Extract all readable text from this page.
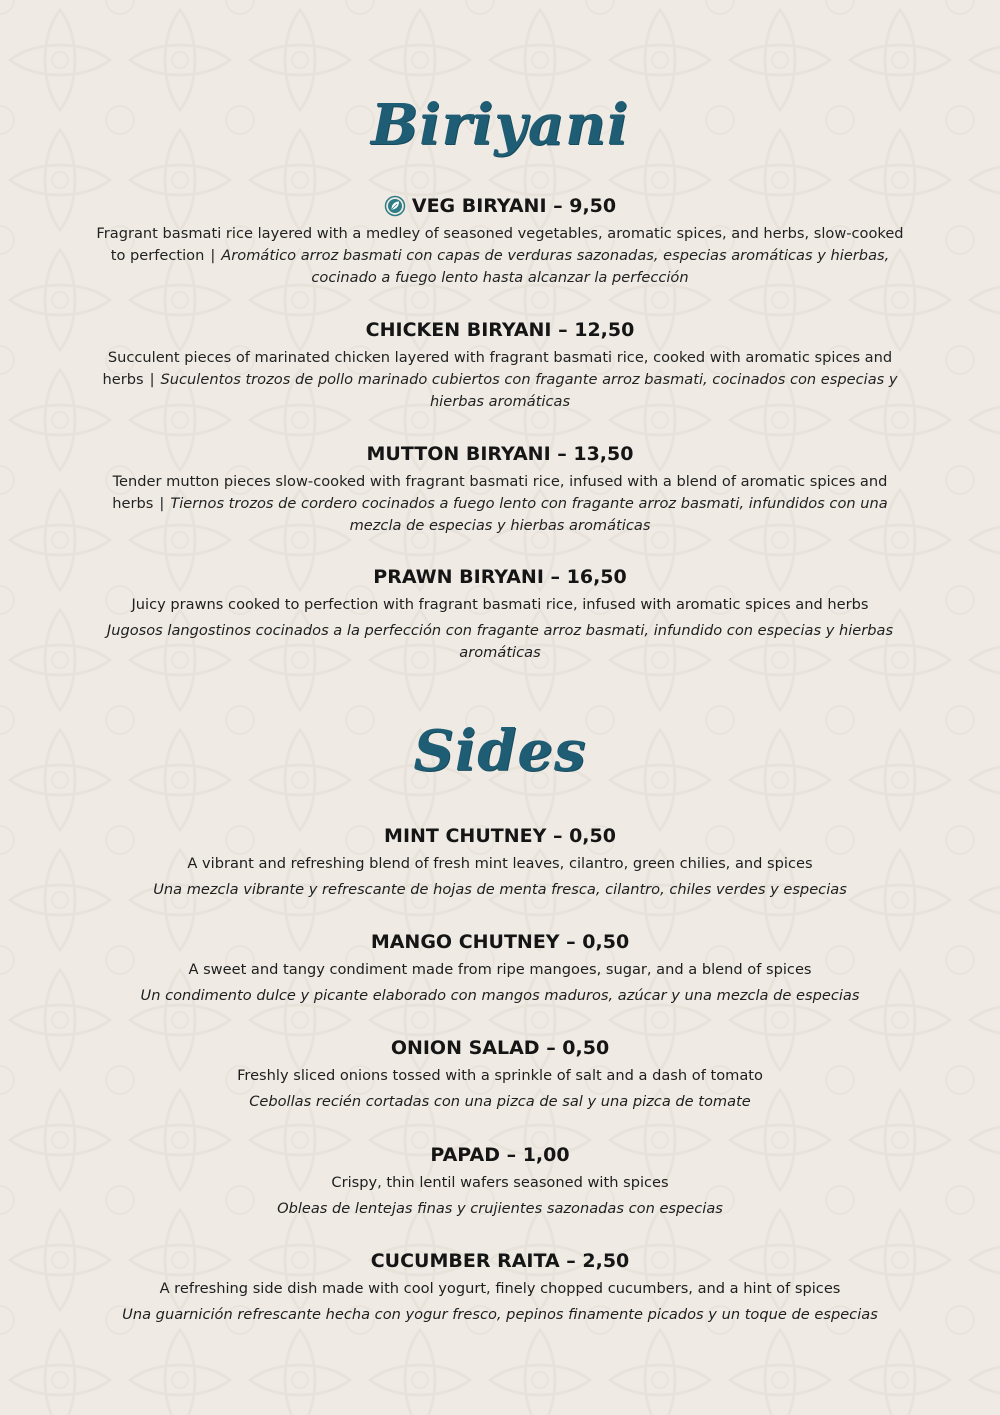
Biriyani
VEG BIRYANI – 9,50
Fragrant basmati rice layered with a medley of seasoned vegetables, aromatic spices, and herbs, slow-cooked to perfection | Aromático arroz basmati con capas de verduras sazonadas, especias aromáticas y hierbas, cocinado a fuego lento hasta alcanzar la perfección
CHICKEN BIRYANI – 12,50
Succulent pieces of marinated chicken layered with fragrant basmati rice, cooked with aromatic spices and herbs | Suculentos trozos de pollo marinado cubiertos con fragante arroz basmati, cocinados con especias y hierbas aromáticas
MUTTON BIRYANI – 13,50
Tender mutton pieces slow-cooked with fragrant basmati rice, infused with a blend of aromatic spices and herbs | Tiernos trozos de cordero cocinados a fuego lento con fragante arroz basmati, infundidos con una mezcla de especias y hierbas aromáticas
PRAWN BIRYANI – 16,50
Juicy prawns cooked to perfection with fragrant basmati rice, infused with aromatic spices and herbs
Jugosos langostinos cocinados a la perfección con fragante arroz basmati, infundido con especias y hierbas aromáticas
Sides
MINT CHUTNEY – 0,50
A vibrant and refreshing blend of fresh mint leaves, cilantro, green chilies, and spices
Una mezcla vibrante y refrescante de hojas de menta fresca, cilantro, chiles verdes y especias
MANGO CHUTNEY – 0,50
A sweet and tangy condiment made from ripe mangoes, sugar, and a blend of spices
Un condimento dulce y picante elaborado con mangos maduros, azúcar y una mezcla de especias
ONION SALAD – 0,50
Freshly sliced onions tossed with a sprinkle of salt and a dash of tomato
Cebollas recién cortadas con una pizca de sal y una pizca de tomate
PAPAD – 1,00
Crispy, thin lentil wafers seasoned with spices
Obleas de lentejas finas y crujientes sazonadas con especias
CUCUMBER RAITA – 2,50
A refreshing side dish made with cool yogurt, finely chopped cucumbers, and a hint of spices
Una guarnición refrescante hecha con yogur fresco, pepinos finamente picados y un toque de especias
